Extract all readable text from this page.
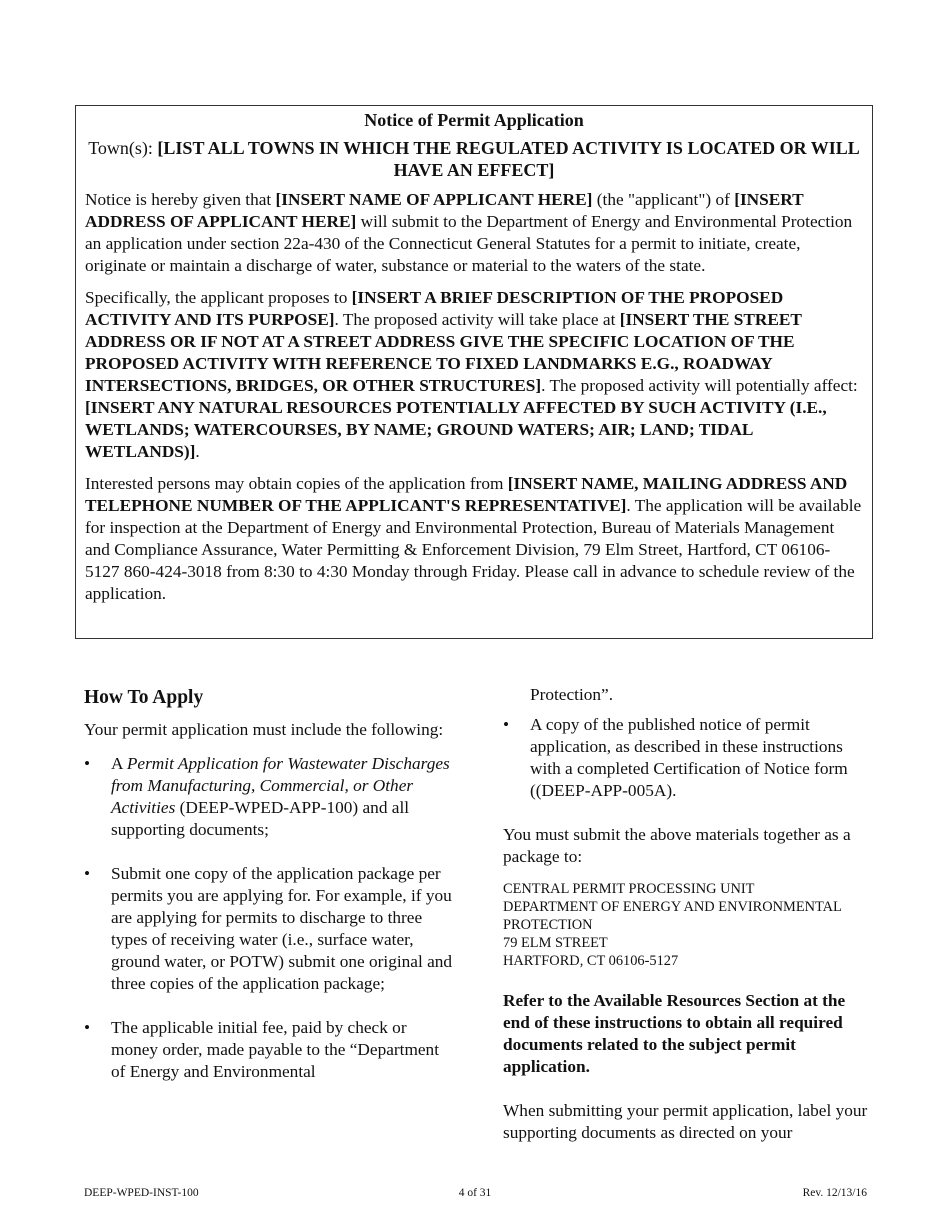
Notice of Permit Application
Town(s): [LIST ALL TOWNS IN WHICH THE REGULATED ACTIVITY IS LOCATED OR WILL HAVE AN EFFECT]

Notice is hereby given that [INSERT NAME OF APPLICANT HERE] (the "applicant") of [INSERT ADDRESS OF APPLICANT HERE] will submit to the Department of Energy and Environmental Protection an application under section 22a-430 of the Connecticut General Statutes for a permit to initiate, create, originate or maintain a discharge of water, substance or material to the waters of the state.

Specifically, the applicant proposes to [INSERT A BRIEF DESCRIPTION OF THE PROPOSED ACTIVITY AND ITS PURPOSE]. The proposed activity will take place at [INSERT THE STREET ADDRESS OR IF NOT AT A STREET ADDRESS GIVE THE SPECIFIC LOCATION OF THE PROPOSED ACTIVITY WITH REFERENCE TO FIXED LANDMARKS E.G., ROADWAY INTERSECTIONS, BRIDGES, OR OTHER STRUCTURES]. The proposed activity will potentially affect: [INSERT ANY NATURAL RESOURCES POTENTIALLY AFFECTED BY SUCH ACTIVITY (I.E., WETLANDS; WATERCOURSES, BY NAME; GROUND WATERS; AIR; LAND; TIDAL WETLANDS)].

Interested persons may obtain copies of the application from [INSERT NAME, MAILING ADDRESS AND TELEPHONE NUMBER OF THE APPLICANT'S REPRESENTATIVE]. The application will be available for inspection at the Department of Energy and Environmental Protection, Bureau of Materials Management and Compliance Assurance, Water Permitting & Enforcement Division, 79 Elm Street, Hartford, CT 06106-5127 860-424-3018 from 8:30 to 4:30 Monday through Friday. Please call in advance to schedule review of the application.

How To Apply
Your permit application must include the following:
• A Permit Application for Wastewater Discharges from Manufacturing, Commercial, or Other Activities (DEEP-WPED-APP-100) and all supporting documents;
• Submit one copy of the application package per permits you are applying for. For example, if you are applying for permits to discharge to three types of receiving water (i.e., surface water, ground water, or POTW) submit one original and three copies of the application package;
• The applicable initial fee, paid by check or money order, made payable to the “Department of Energy and Environmental
Protection”.
• A copy of the published notice of permit application, as described in these instructions with a completed Certification of Notice form ((DEEP-APP-005A).
You must submit the above materials together as a package to:
CENTRAL PERMIT PROCESSING UNIT
DEPARTMENT OF ENERGY AND ENVIRONMENTAL
PROTECTION
79 ELM STREET
HARTFORD, CT 06106-5127
Refer to the Available Resources Section at the end of these instructions to obtain all required documents related to the subject permit application.
When submitting your permit application, label your supporting documents as directed on your
4 of 31
DEEP-WPED-INST-100	Rev. 12/13/16
